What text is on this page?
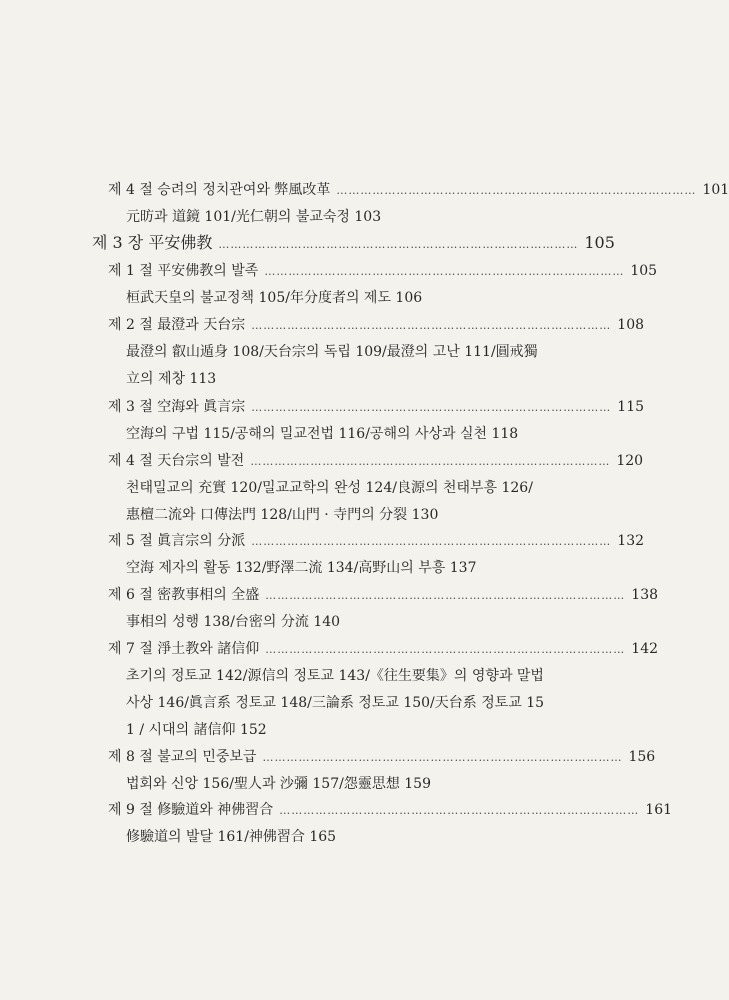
제 4 절 승려의 정치관여와 弊風改革 ……………………………………………………………………………… 101
元昉과 道鏡 101/光仁朝의 불교숙정 103
제 3 장 平安佛教 ……………………………………………………………………………… 105
제 1 절 平安佛教의 발족 ……………………………………………………………………………… 105
桓武天皇의 불교정책 105/年分度者의 제도 106
제 2 절 最澄과 天台宗 ……………………………………………………………………………… 108
最澄의 叡山遁身 108/天台宗의 독립 109/最澄의 고난 111/圓戒獨
立의 제창 113
제 3 절 空海와 眞言宗 ……………………………………………………………………………… 115
空海의 구법 115/공해의 밀교전법 116/공해의 사상과 실천 118
제 4 절 天台宗의 발전 ……………………………………………………………………………… 120
천태밀교의 充實 120/밀교교학의 완성 124/良源의 천태부흥 126/
惠檀二流와 口傳法門 128/山門 · 寺門의 分裂 130
제 5 절 眞言宗의 分派 ……………………………………………………………………………… 132
空海 제자의 활동 132/野澤二流 134/高野山의 부흥 137
제 6 절 密教事相의 全盛 ……………………………………………………………………………… 138
事相의 성행 138/台密의 分流 140
제 7 절 淨土教와 諸信仰 ……………………………………………………………………………… 142
초기의 정토교 142/源信의 정토교 143/《往生要集》의 영향과 말법
사상 146/眞言系 정토교 148/三論系 정토교 150/天台系 정토교 15
1 / 시대의 諸信仰 152
제 8 절 불교의 민중보급 ……………………………………………………………………………… 156
법회와 신앙 156/聖人과 沙彌 157/怨靈思想 159
제 9 절 修驗道와 神佛習合 ……………………………………………………………………………… 161
修驗道의 발달 161/神佛習合 165
